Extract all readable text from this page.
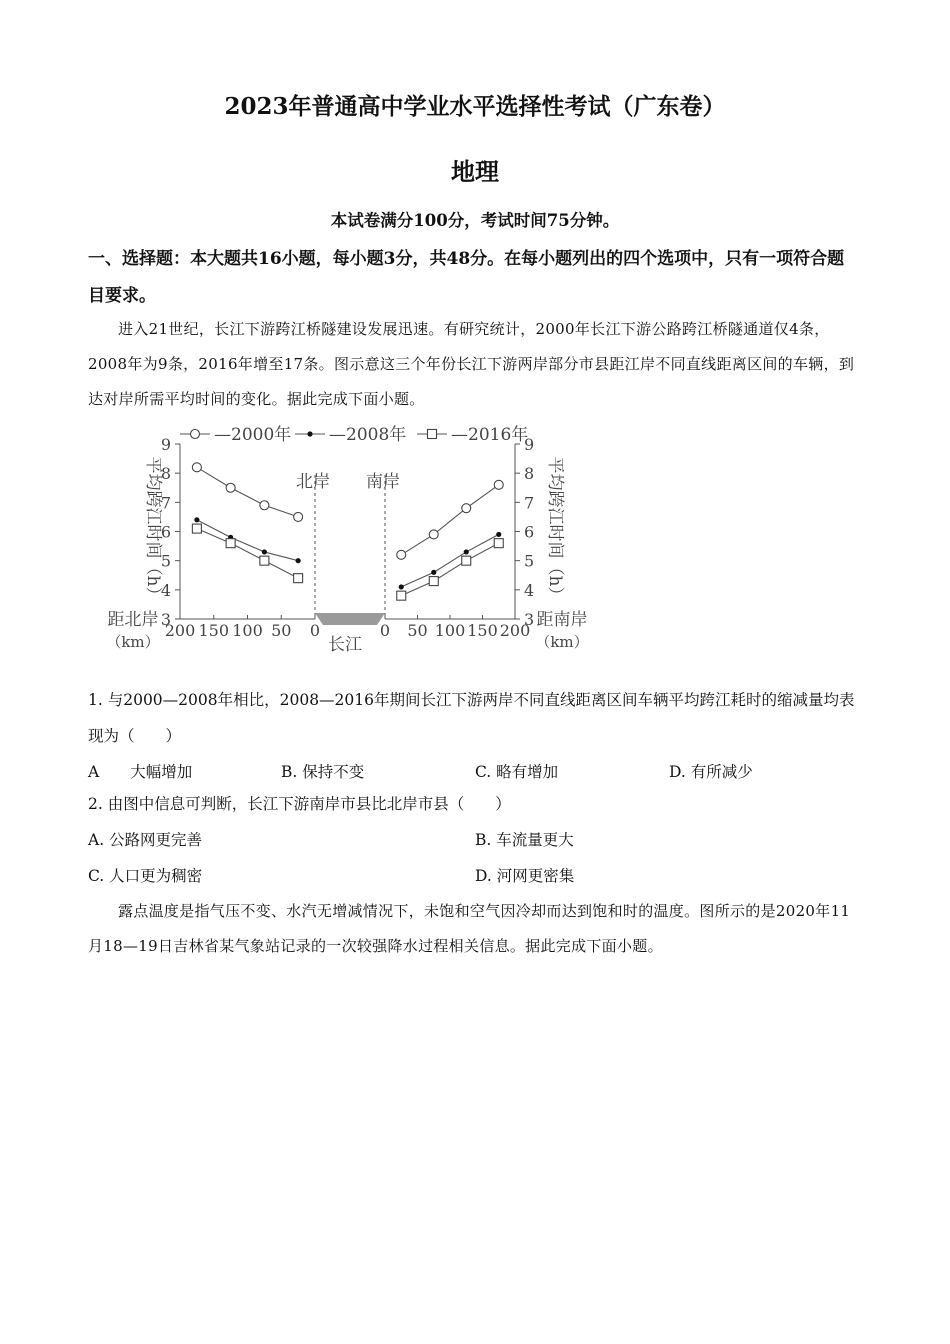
2023年普通高中学业水平选择性考试（广东卷）
地理
本试卷满分100分，考试时间75分钟。
一、选择题：本大题共16小题，每小题3分，共48分。在每小题列出的四个选项中，只有一项符合题目要求。
进入21世纪，长江下游跨江桥隧建设发展迅速。有研究统计，2000年长江下游公路跨江桥隧通道仅4条，2008年为9条，2016年增至17条。图示意这三个年份长江下游两岸部分市县距江岸不同直线距离区间的车辆，到达对岸所需平均时间的变化。据此完成下面小题。
3	3
4	4
5	5
6	6
7	7
8	8
9	9
200 150 100 50 0	0 50 100 150 200
—2000年 —2008年	—2016年
北岸 南岸
长江
距北岸
（km）
距南岸
（km）
平均跨江时间（h）	平均跨江时间（h）
1. 与2000—2008年相比，2008—2016年期间长江下游两岸不同直线距离区间车辆平均跨江耗时的缩减量均表现为（　　）
A　　大幅增加	B. 保持不变	C. 略有增加	D. 有所减少
2. 由图中信息可判断，长江下游南岸市县比北岸市县（　　）
A. 公路网更完善	B. 车流量更大
C. 人口更为稠密	D. 河网更密集
露点温度是指气压不变、水汽无增减情况下，未饱和空气因冷却而达到饱和时的温度。图所示的是2020年11月18—19日吉林省某气象站记录的一次较强降水过程相关信息。据此完成下面小题。
